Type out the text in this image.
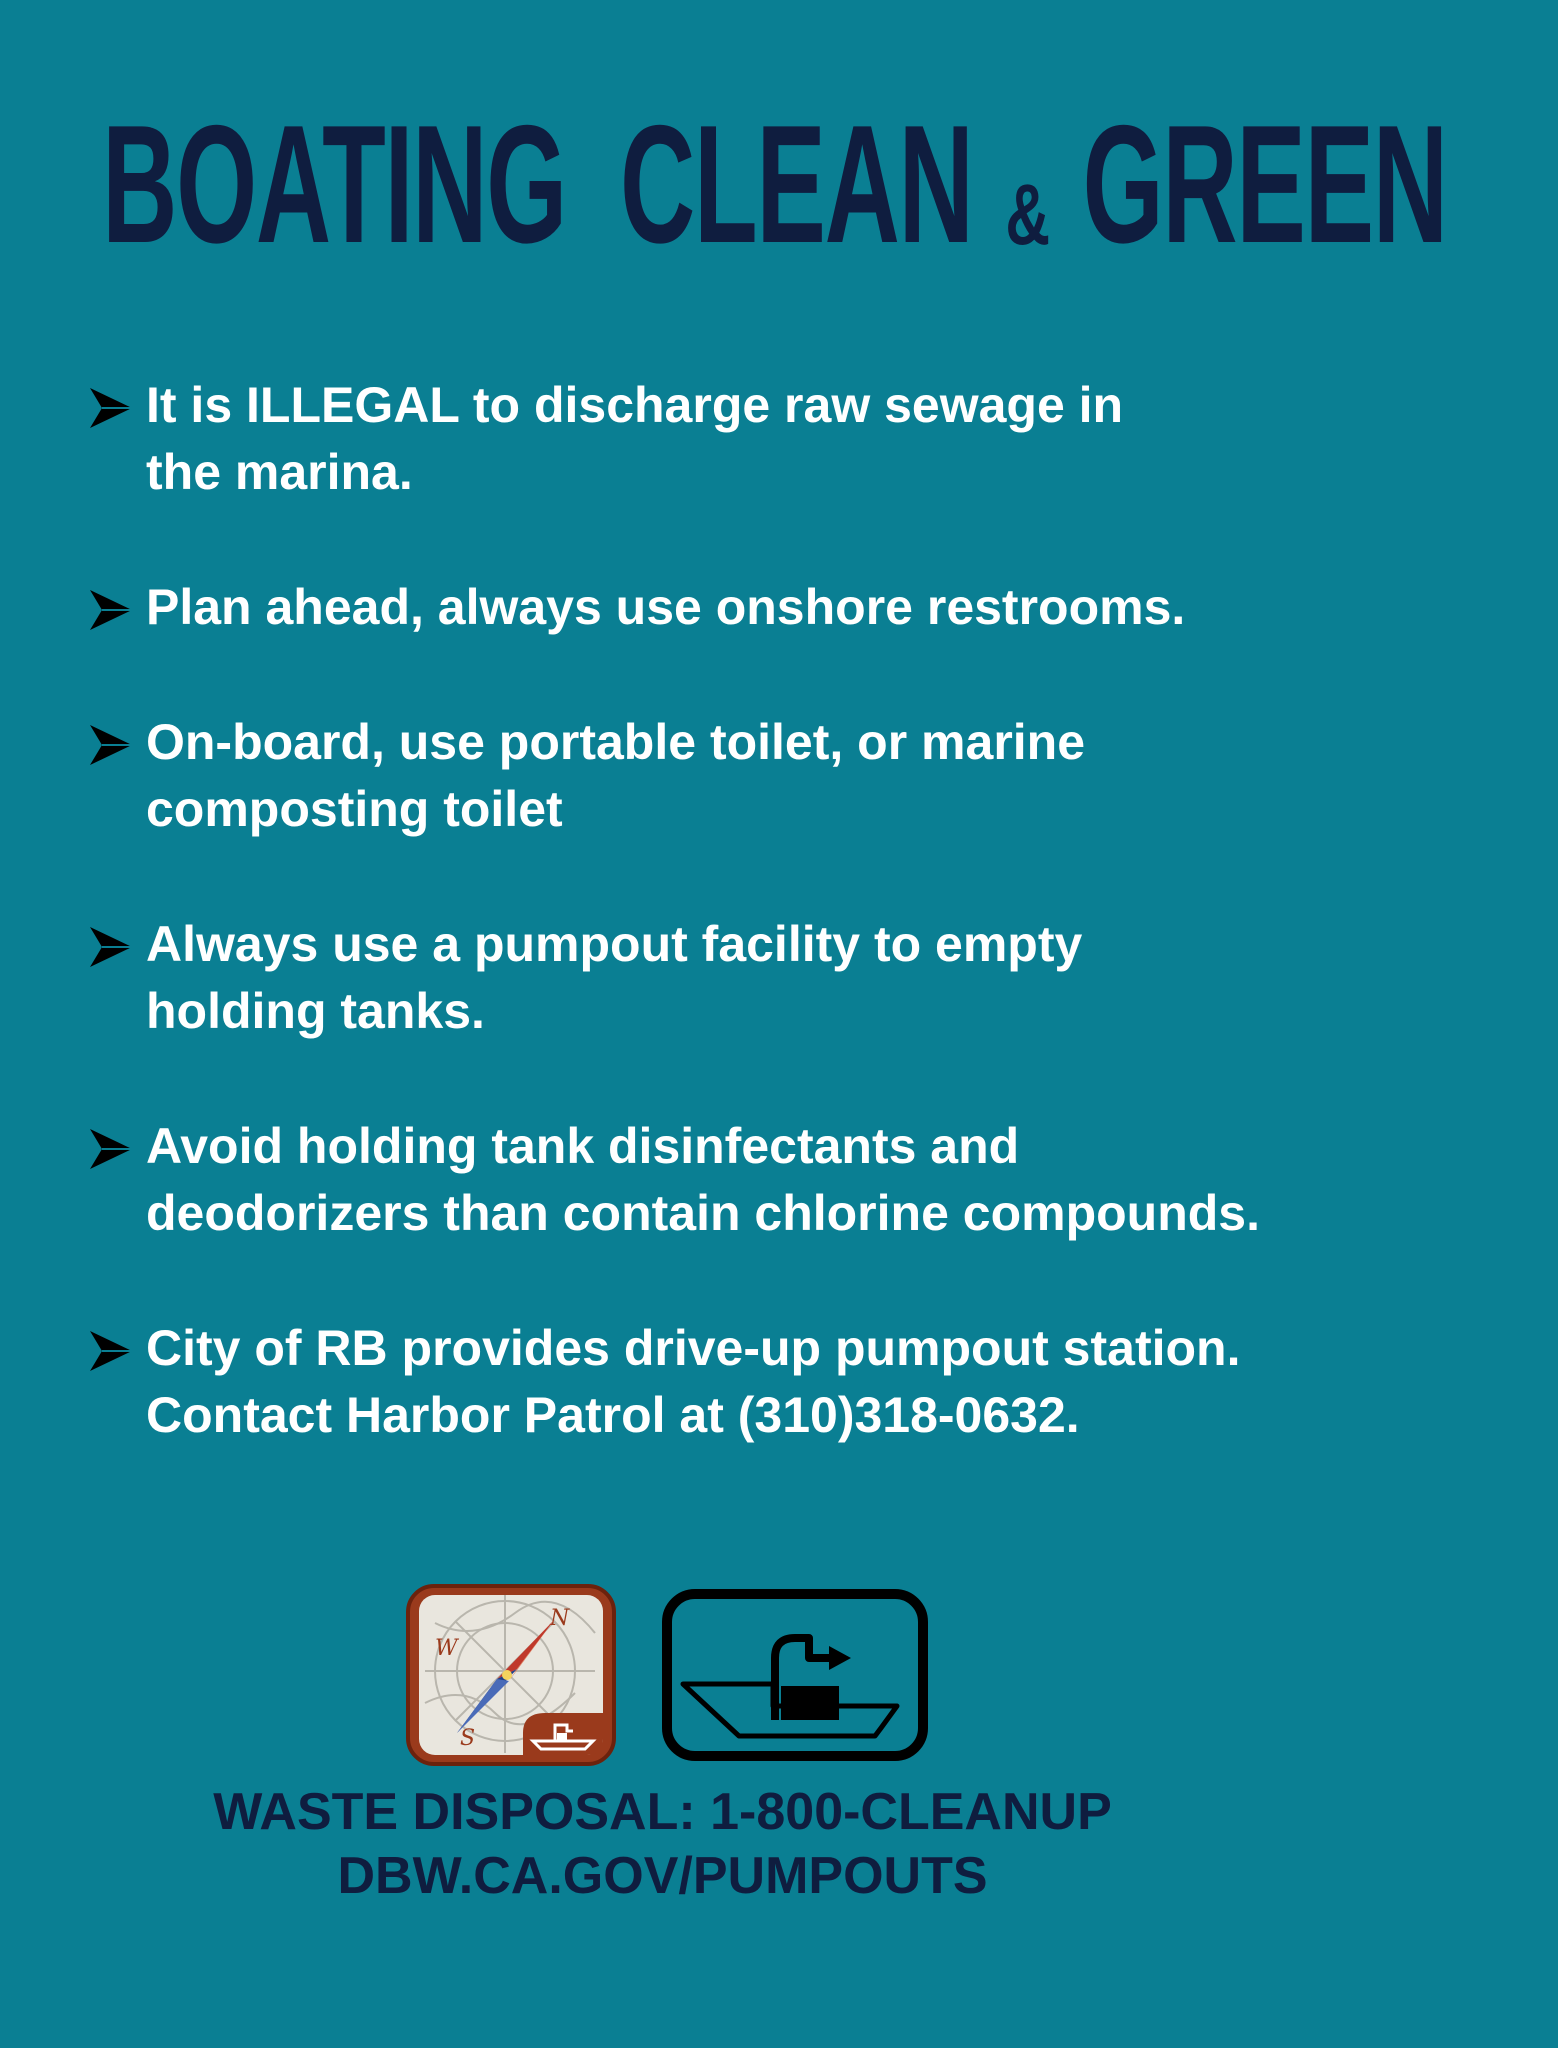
BOATING CLEAN & GREEN
It is ILLEGAL to discharge raw sewage in
the marina.
Plan ahead, always use onshore restrooms.
On-board, use portable toilet, or marine
composting toilet
Always use a pumpout facility to empty
holding tanks.
Avoid holding tank disinfectants and
deodorizers than contain chlorine compounds.
City of RB provides drive-up pumpout station.
Contact Harbor Patrol at (310)318-0632.
W
N
S
WASTE DISPOSAL: 1-800-CLEANUP
DBW.CA.GOV/PUMPOUTS
